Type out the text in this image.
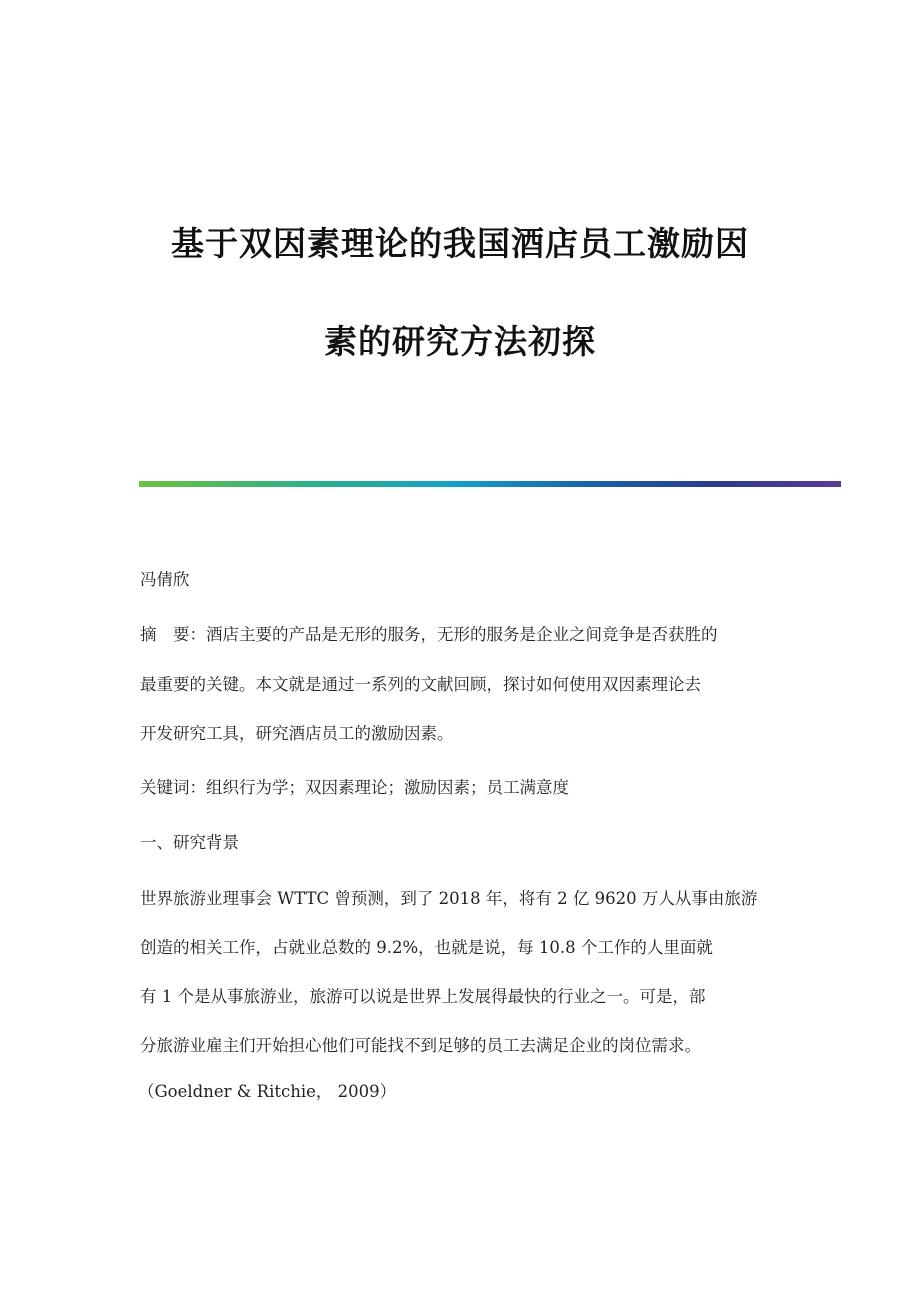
基于双因素理论的我国酒店员工激励因
素的研究方法初探
冯倩欣
摘　要：酒店主要的产品是无形的服务，无形的服务是企业之间竞争是否获胜的
最重要的关键。本文就是通过一系列的文献回顾，探讨如何使用双因素理论去
开发研究工具，研究酒店员工的激励因素。
关键词：组织行为学；双因素理论；激励因素；员工满意度
一、研究背景
世界旅游业理事会 WTTC 曾预测，到了 2018 年，将有 2 亿 9620 万人从事由旅游
创造的相关工作，占就业总数的 9.2%，也就是说，每 10.8 个工作的人里面就
有 1 个是从事旅游业，旅游可以说是世界上发展得最快的行业之一。可是，部
分旅游业雇主们开始担心他们可能找不到足够的员工去满足企业的岗位需求。
（Goeldner & Ritchie， 2009）
